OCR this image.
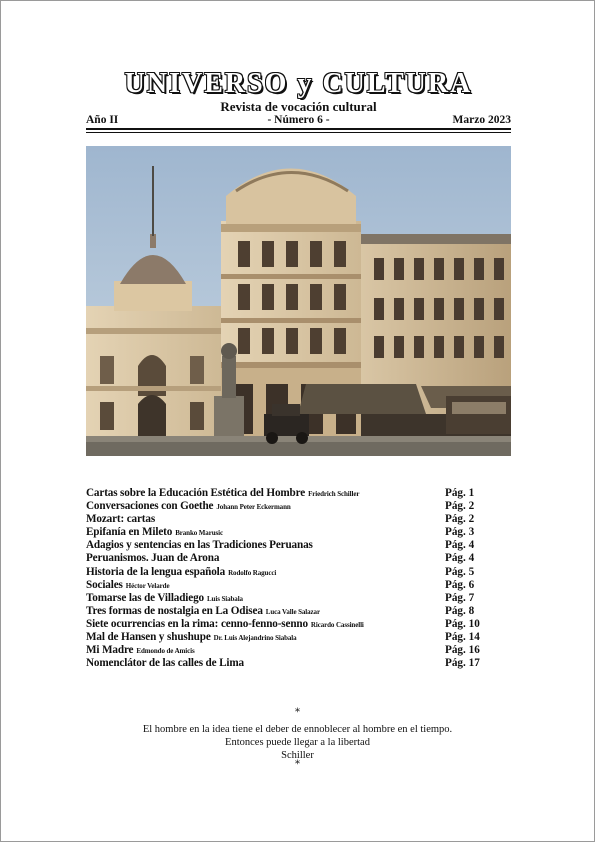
UNIVERSO y CULTURA
Revista de vocación cultural
Año II	- Número 6 -	Marzo 2023
Cartas sobre la Educación Estética del Hombre Friedrich Schiller	Pág. 1
Conversaciones con Goethe Johann Peter Eckermann	Pág. 2
Mozart: cartas	Pág. 2
Epifanía en Mileto Branko Marusic	Pág. 3
Adagios y sentencias en las Tradiciones Peruanas	Pág. 4
Peruanismos. Juan de Arona	Pág. 4
Historia de la lengua española Rodolfo Ragucci	Pág. 5
Sociales Héctor Velarde	Pág. 6
Tomarse las de Villadiego Luis Siabala	Pág. 7
Tres formas de nostalgia en La Odisea Luca Valle Salazar	Pág. 8
Siete ocurrencias en la rima: cenno-fenno-senno Ricardo Cassinelli	Pág. 10
Mal de Hansen y shushupe Dr. Luis Alejandrino Siabala	Pág. 14
Mi Madre Edmondo de Amicis	Pág. 16
Nomenclátor de las calles de Lima	Pág. 17
*
El hombre en la idea tiene el deber de ennoblecer al hombre en el tiempo.
Entonces puede llegar a la libertad
Schiller
*
